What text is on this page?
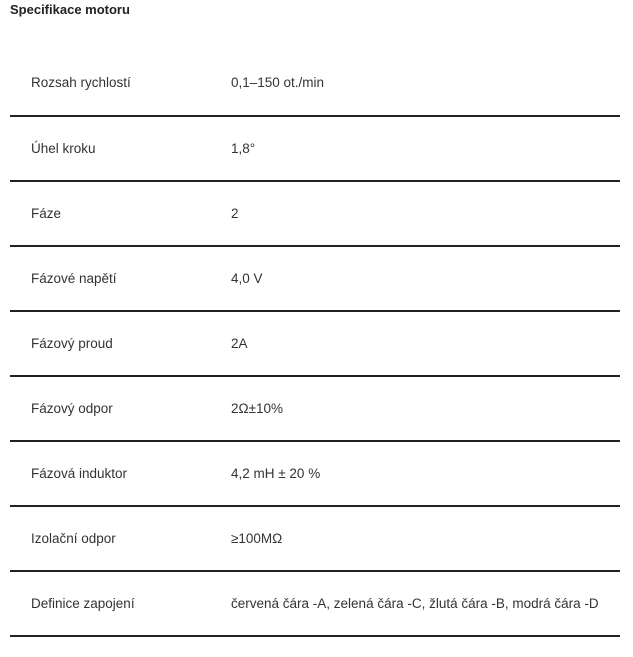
Specifikace motoru
Rozsah rychlostí	0,1–150 ot./min
Úhel kroku	1,8°
Fáze	2
Fázové napětí	4,0 V
Fázový proud	2A
Fázový odpor	2Ω±10%
Fázová induktor	4,2 mH ± 20 %
Izolační odpor	≥100MΩ
Definice zapojení	červená čára -A, zelená čára -C, žlutá čára -B, modrá čára -D
